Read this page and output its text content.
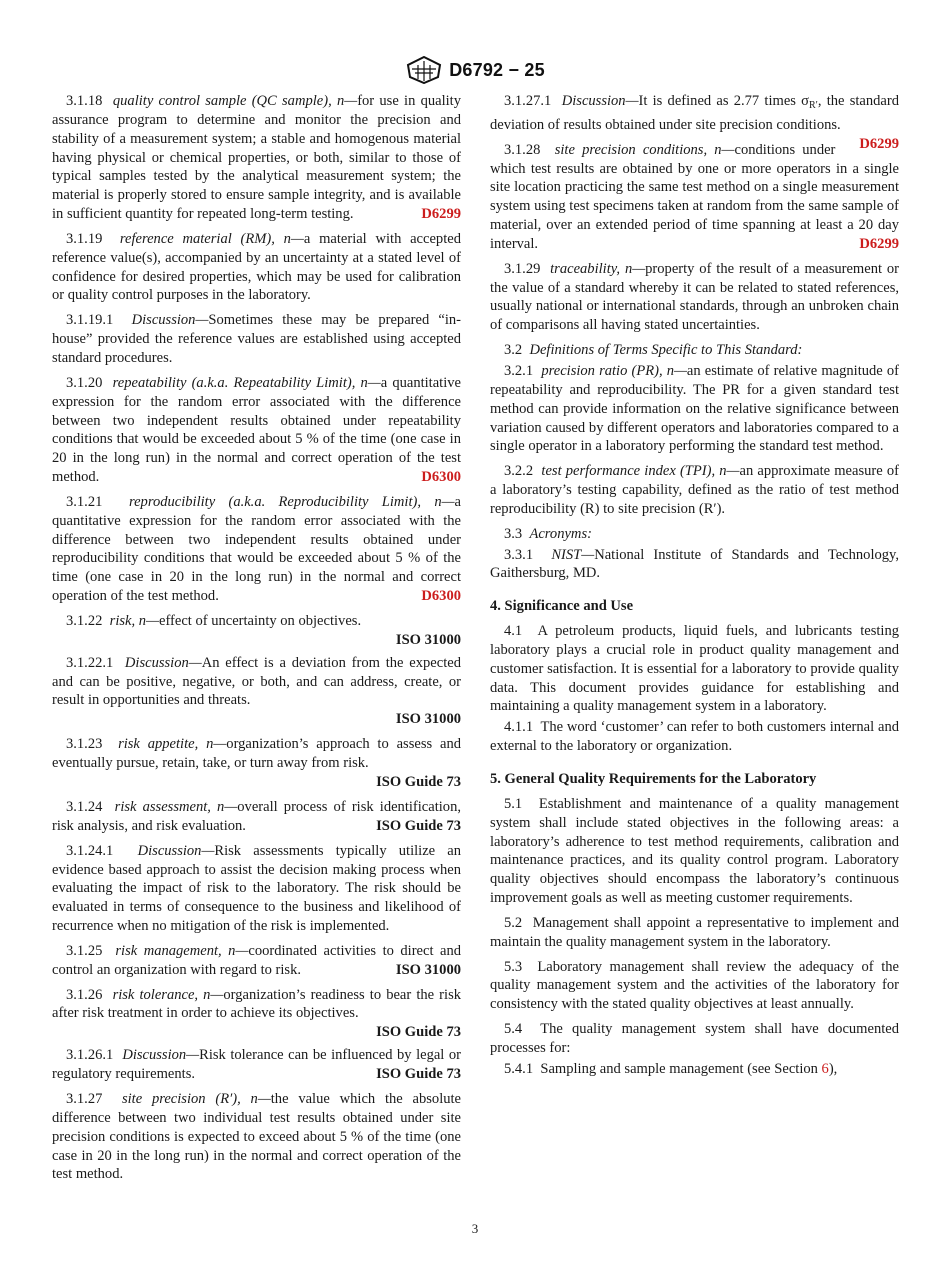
D6792 − 25

3.1.18 quality control sample (QC sample), n—for use in quality assurance program to determine and monitor the precision and stability of a measurement system; a stable and homogenous material having physical or chemical properties, or both, similar to those of typical samples tested by the analytical measurement system; the material is properly stored to ensure sample integrity, and is available in sufficient quantity for repeated long-term testing.	D6299

3.1.19 reference material (RM), n—a material with accepted reference value(s), accompanied by an uncertainty at a stated level of confidence for desired properties, which may be used for calibration or quality control purposes in the laboratory.

3.1.19.1 Discussion—Sometimes these may be prepared “in-house” provided the reference values are established using accepted standard procedures.

3.1.20 repeatability (a.k.a. Repeatability Limit), n—a quantitative expression for the random error associated with the difference between two independent results obtained under repeatability conditions that would be exceeded about 5 % of the time (one case in 20 in the long run) in the normal and correct operation of the test method.	D6300

3.1.21 reproducibility (a.k.a. Reproducibility Limit), n—a quantitative expression for the random error associated with the difference between two independent results obtained under reproducibility conditions that would be exceeded about 5 % of the time (one case in 20 in the long run) in the normal and correct operation of the test method.	D6300

3.1.22 risk, n—effect of uncertainty on objectives.

ISO 31000

3.1.22.1 Discussion—An effect is a deviation from the expected and can be positive, negative, or both, and can address, create, or result in opportunities and threats.

ISO 31000

3.1.23 risk appetite, n—organization’s approach to assess and eventually pursue, retain, take, or turn away from risk.

ISO Guide 73

3.1.24 risk assessment, n—overall process of risk identification, risk analysis, and risk evaluation.	ISO Guide 73

3.1.24.1 Discussion—Risk assessments typically utilize an evidence based approach to assist the decision making process when evaluating the impact of risk to the laboratory. The risk should be evaluated in terms of consequence to the business and likelihood of recurrence when no mitigation of the risk is implemented.

3.1.25 risk management, n—coordinated activities to direct and control an organization with regard to risk.	ISO 31000

3.1.26 risk tolerance, n—organization’s readiness to bear the risk after risk treatment in order to achieve its objectives.

ISO Guide 73

3.1.26.1 Discussion—Risk tolerance can be influenced by legal or regulatory requirements.	ISO Guide 73

3.1.27 site precision (R′), n—the value which the absolute difference between two individual test results obtained under site precision conditions is expected to exceed about 5 % of the time (one case in 20 in the long run) in the normal and correct operation of the test method.

3.1.27.1 Discussion—It is defined as 2.77 times $\sigma_{R'}$, the standard deviation of results obtained under site precision conditions.
D6299

3.1.28 site precision conditions, n—conditions under which test results are obtained by one or more operators in a single site location practicing the same test method on a single measurement system using test specimens taken at random from the same sample of material, over an extended period of time spanning at least a 20 day interval.	D6299

3.1.29 traceability, n—property of the result of a measurement or the value of a standard whereby it can be related to stated references, usually national or international standards, through an unbroken chain of comparisons all having stated uncertainties.

3.2 Definitions of Terms Specific to This Standard:

3.2.1 precision ratio (PR), n—an estimate of relative magnitude of repeatability and reproducibility. The PR for a given standard test method can provide information on the relative significance between variation caused by different operators and laboratories compared to a single operator in a laboratory performing the standard test method.

3.2.2 test performance index (TPI), n—an approximate measure of a laboratory’s testing capability, defined as the ratio of test method reproducibility (R) to site precision (R′).

3.3 Acronyms:

3.3.1 NIST—National Institute of Standards and Technology, Gaithersburg, MD.

4. Significance and Use

4.1 A petroleum products, liquid fuels, and lubricants testing laboratory plays a crucial role in product quality management and customer satisfaction. It is essential for a laboratory to provide quality data. This document provides guidance for establishing and maintaining a quality management system in a laboratory.

4.1.1 The word ‘customer’ can refer to both customers internal and external to the laboratory or organization.

5. General Quality Requirements for the Laboratory

5.1 Establishment and maintenance of a quality management system shall include stated objectives in the following areas: a laboratory’s adherence to test method requirements, calibration and maintenance practices, and its quality control program. Laboratory quality objectives should encompass the laboratory’s continuous improvement goals as well as meeting customer requirements.

5.2 Management shall appoint a representative to implement and maintain the quality management system in the laboratory.

5.3 Laboratory management shall review the adequacy of the quality management system and the activities of the laboratory for consistency with the stated quality objectives at least annually.

5.4 The quality management system shall have documented processes for:

5.4.1 Sampling and sample management (see Section 6),

3
